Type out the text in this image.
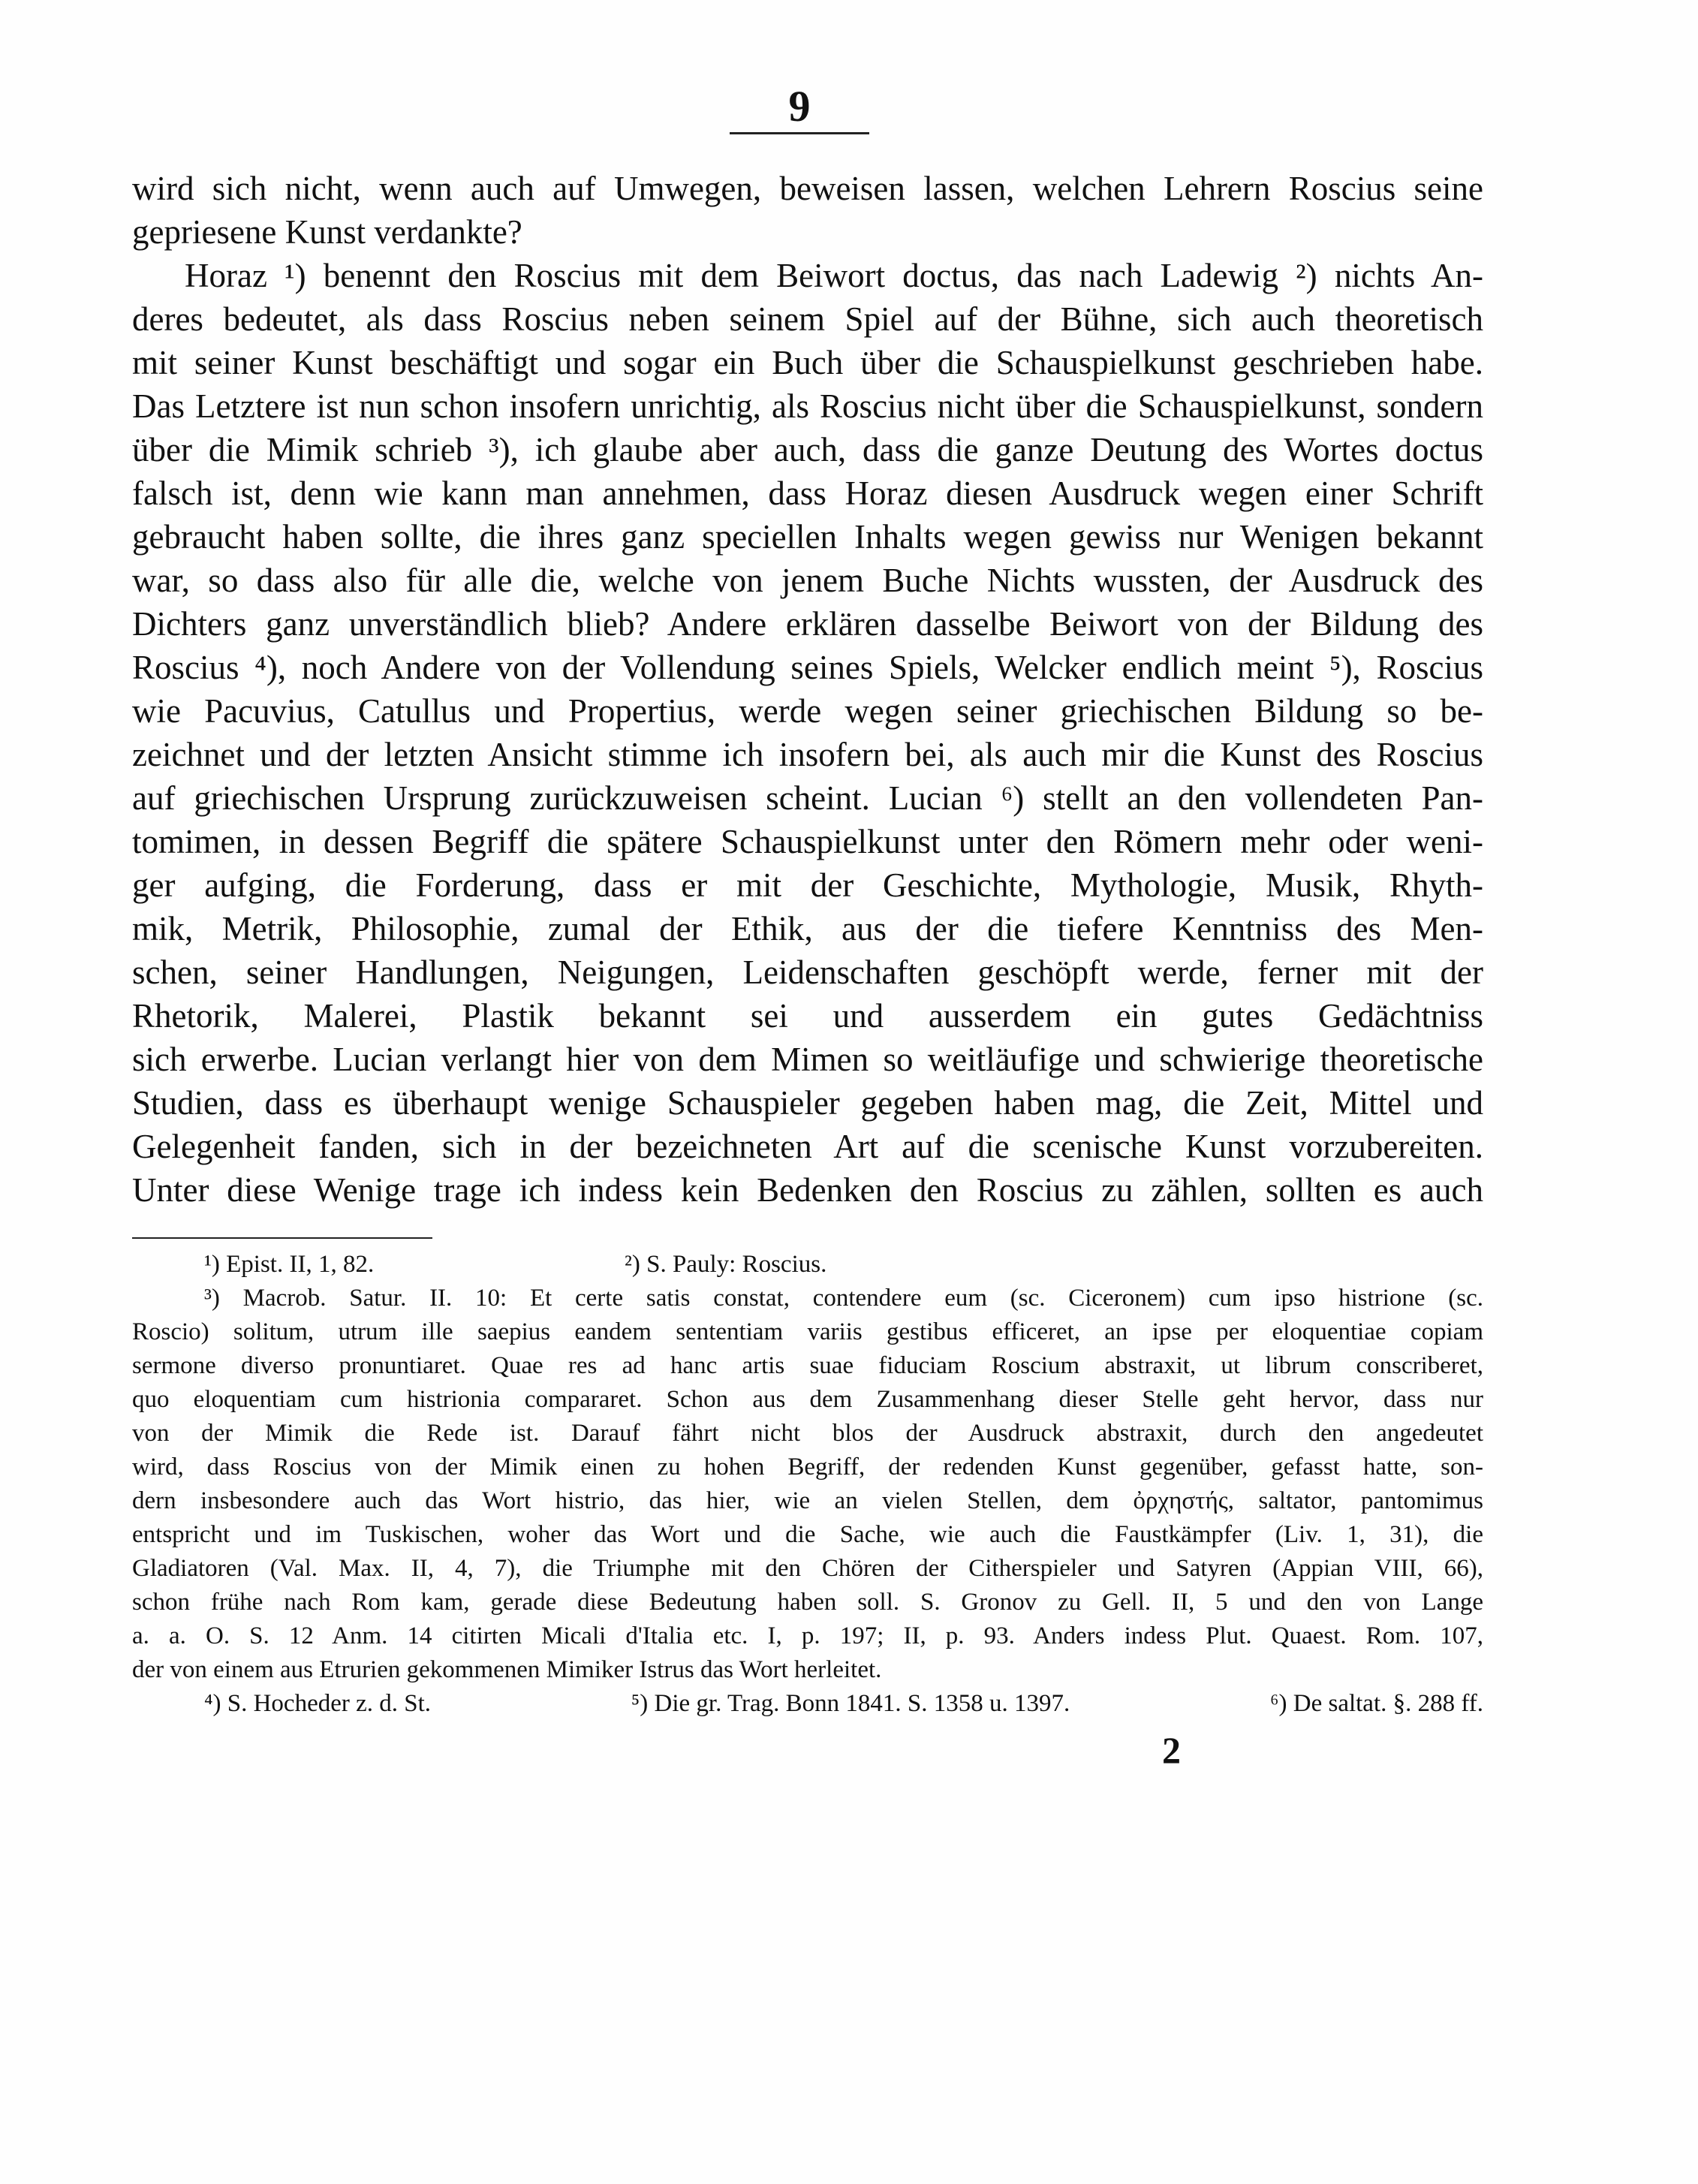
9
wird sich nicht, wenn auch auf Umwegen, beweisen lassen, welchen Lehrern Roscius seine
gepriesene Kunst verdankte?
Horaz ¹) benennt den Roscius mit dem Beiwort doctus, das nach Ladewig ²) nichts An-
deres bedeutet, als dass Roscius neben seinem Spiel auf der Bühne, sich auch theoretisch
mit seiner Kunst beschäftigt und sogar ein Buch über die Schauspielkunst geschrieben habe.
Das Letztere ist nun schon insofern unrichtig, als Roscius nicht über die Schauspielkunst, sondern
über die Mimik schrieb ³), ich glaube aber auch, dass die ganze Deutung des Wortes doctus
falsch ist, denn wie kann man annehmen, dass Horaz diesen Ausdruck wegen einer Schrift
gebraucht haben sollte, die ihres ganz speciellen Inhalts wegen gewiss nur Wenigen bekannt
war, so dass also für alle die, welche von jenem Buche Nichts wussten, der Ausdruck des
Dichters ganz unverständlich blieb? Andere erklären dasselbe Beiwort von der Bildung des
Roscius ⁴), noch Andere von der Vollendung seines Spiels, Welcker endlich meint ⁵), Roscius
wie Pacuvius, Catullus und Propertius, werde wegen seiner griechischen Bildung so be-
zeichnet und der letzten Ansicht stimme ich insofern bei, als auch mir die Kunst des Roscius
auf griechischen Ursprung zurückzuweisen scheint. Lucian ⁶) stellt an den vollendeten Pan-
tomimen, in dessen Begriff die spätere Schauspielkunst unter den Römern mehr oder weni-
ger aufging, die Forderung, dass er mit der Geschichte, Mythologie, Musik, Rhyth-
mik, Metrik, Philosophie, zumal der Ethik, aus der die tiefere Kenntniss des Men-
schen, seiner Handlungen, Neigungen, Leidenschaften geschöpft werde, ferner mit der
Rhetorik, Malerei, Plastik bekannt sei und ausserdem ein gutes Gedächtniss
sich erwerbe. Lucian verlangt hier von dem Mimen so weitläufige und schwierige theoretische
Studien, dass es überhaupt wenige Schauspieler gegeben haben mag, die Zeit, Mittel und
Gelegenheit fanden, sich in der bezeichneten Art auf die scenische Kunst vorzubereiten.
Unter diese Wenige trage ich indess kein Bedenken den Roscius zu zählen, sollten es auch
¹) Epist. II, 1, 82.	²) S. Pauly: Roscius.
³) Macrob. Satur. II. 10: Et certe satis constat, contendere eum (sc. Ciceronem) cum ipso histrione (sc.
Roscio) solitum, utrum ille saepius eandem sententiam variis gestibus efficeret, an ipse per eloquentiae copiam
sermone diverso pronuntiaret. Quae res ad hanc artis suae fiduciam Roscium abstraxit, ut librum conscriberet,
quo eloquentiam cum histrionia compararet. Schon aus dem Zusammenhang dieser Stelle geht hervor, dass nur
von der Mimik die Rede ist. Darauf fährt nicht blos der Ausdruck abstraxit, durch den angedeutet
wird, dass Roscius von der Mimik einen zu hohen Begriff, der redenden Kunst gegenüber, gefasst hatte, son-
dern insbesondere auch das Wort histrio, das hier, wie an vielen Stellen, dem ὀρχηστής, saltator, pantomimus
entspricht und im Tuskischen, woher das Wort und die Sache, wie auch die Faustkämpfer (Liv. 1, 31), die
Gladiatoren (Val. Max. II, 4, 7), die Triumphe mit den Chören der Citherspieler und Satyren (Appian VIII, 66),
schon frühe nach Rom kam, gerade diese Bedeutung haben soll. S. Gronov zu Gell. II, 5 und den von Lange
a. a. O. S. 12 Anm. 14 citirten Micali d'Italia etc. I, p. 197; II, p. 93. Anders indess Plut. Quaest. Rom. 107,
der von einem aus Etrurien gekommenen Mimiker Istrus das Wort herleitet.
⁴) S. Hocheder z. d. St.	⁵) Die gr. Trag. Bonn 1841. S. 1358 u. 1397.	⁶) De saltat. §. 288 ff.
2
